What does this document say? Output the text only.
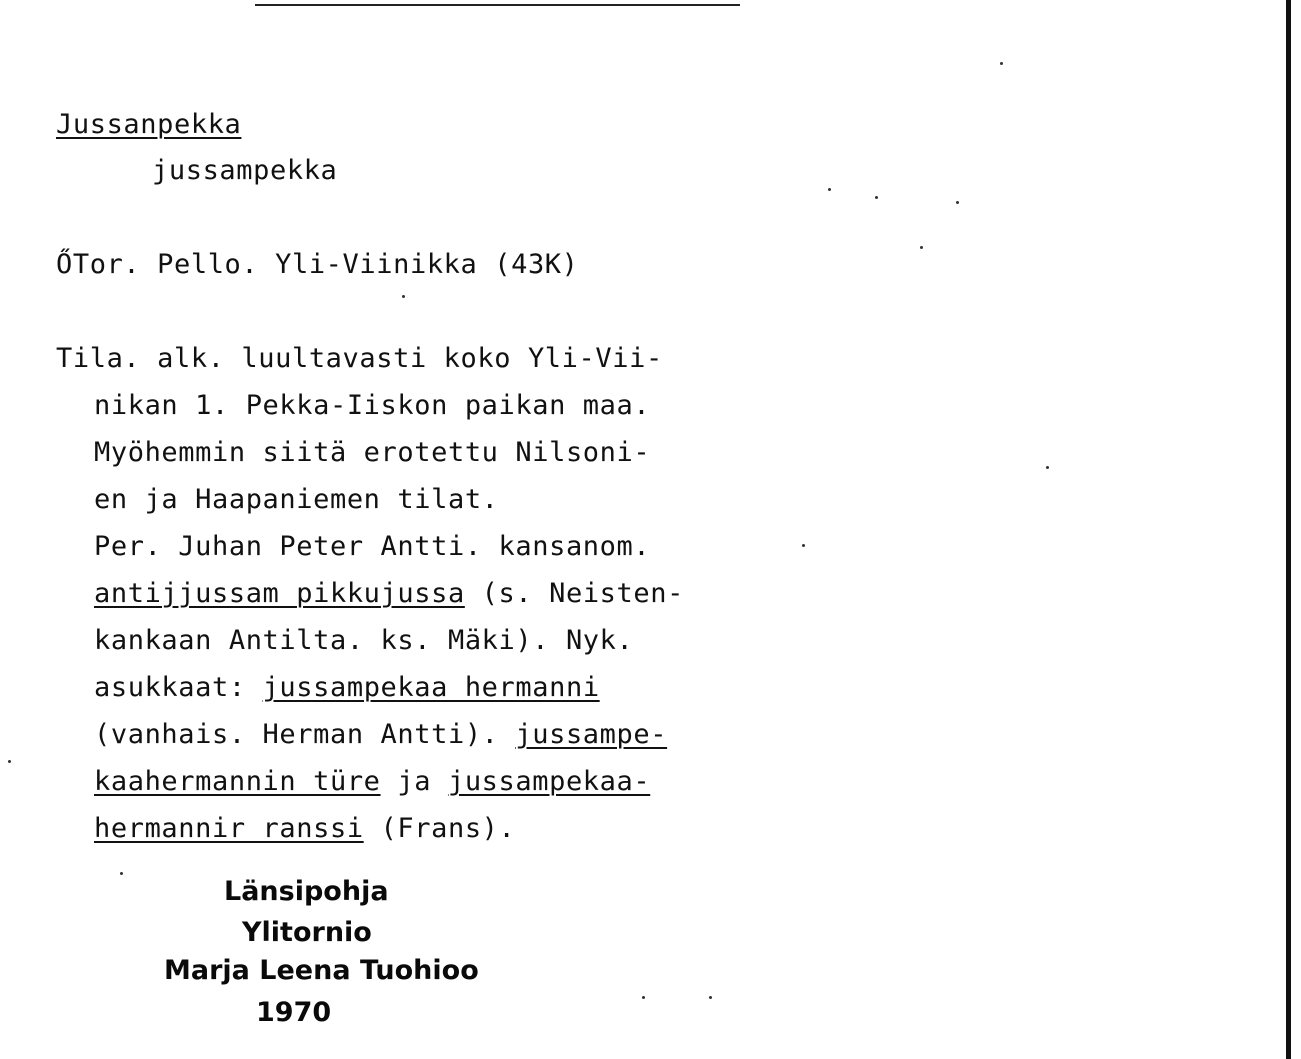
Jussanpekka
jussampekka
ŐTor. Pello. Yli-Viinikka (43K)
Tila. alk. luultavasti koko Yli-Vii-
nikan 1. Pekka-Iiskon paikan maa.
Myöhemmin siitä erotettu Nilsoni-
en ja Haapaniemen tilat.
Per. Juhan Peter Antti. kansanom.
antijjussam pikkujussa (s. Neisten-
kankaan Antilta. ks. Mäki). Nyk.
asukkaat: jussampekaa hermanni
(vanhais. Herman Antti). jussampe-
kaahermannin türe ja jussampekaa-
hermannir ranssi (Frans).
Länsipohja
Ylitornio
Marja Leena Tuohioo
1970
